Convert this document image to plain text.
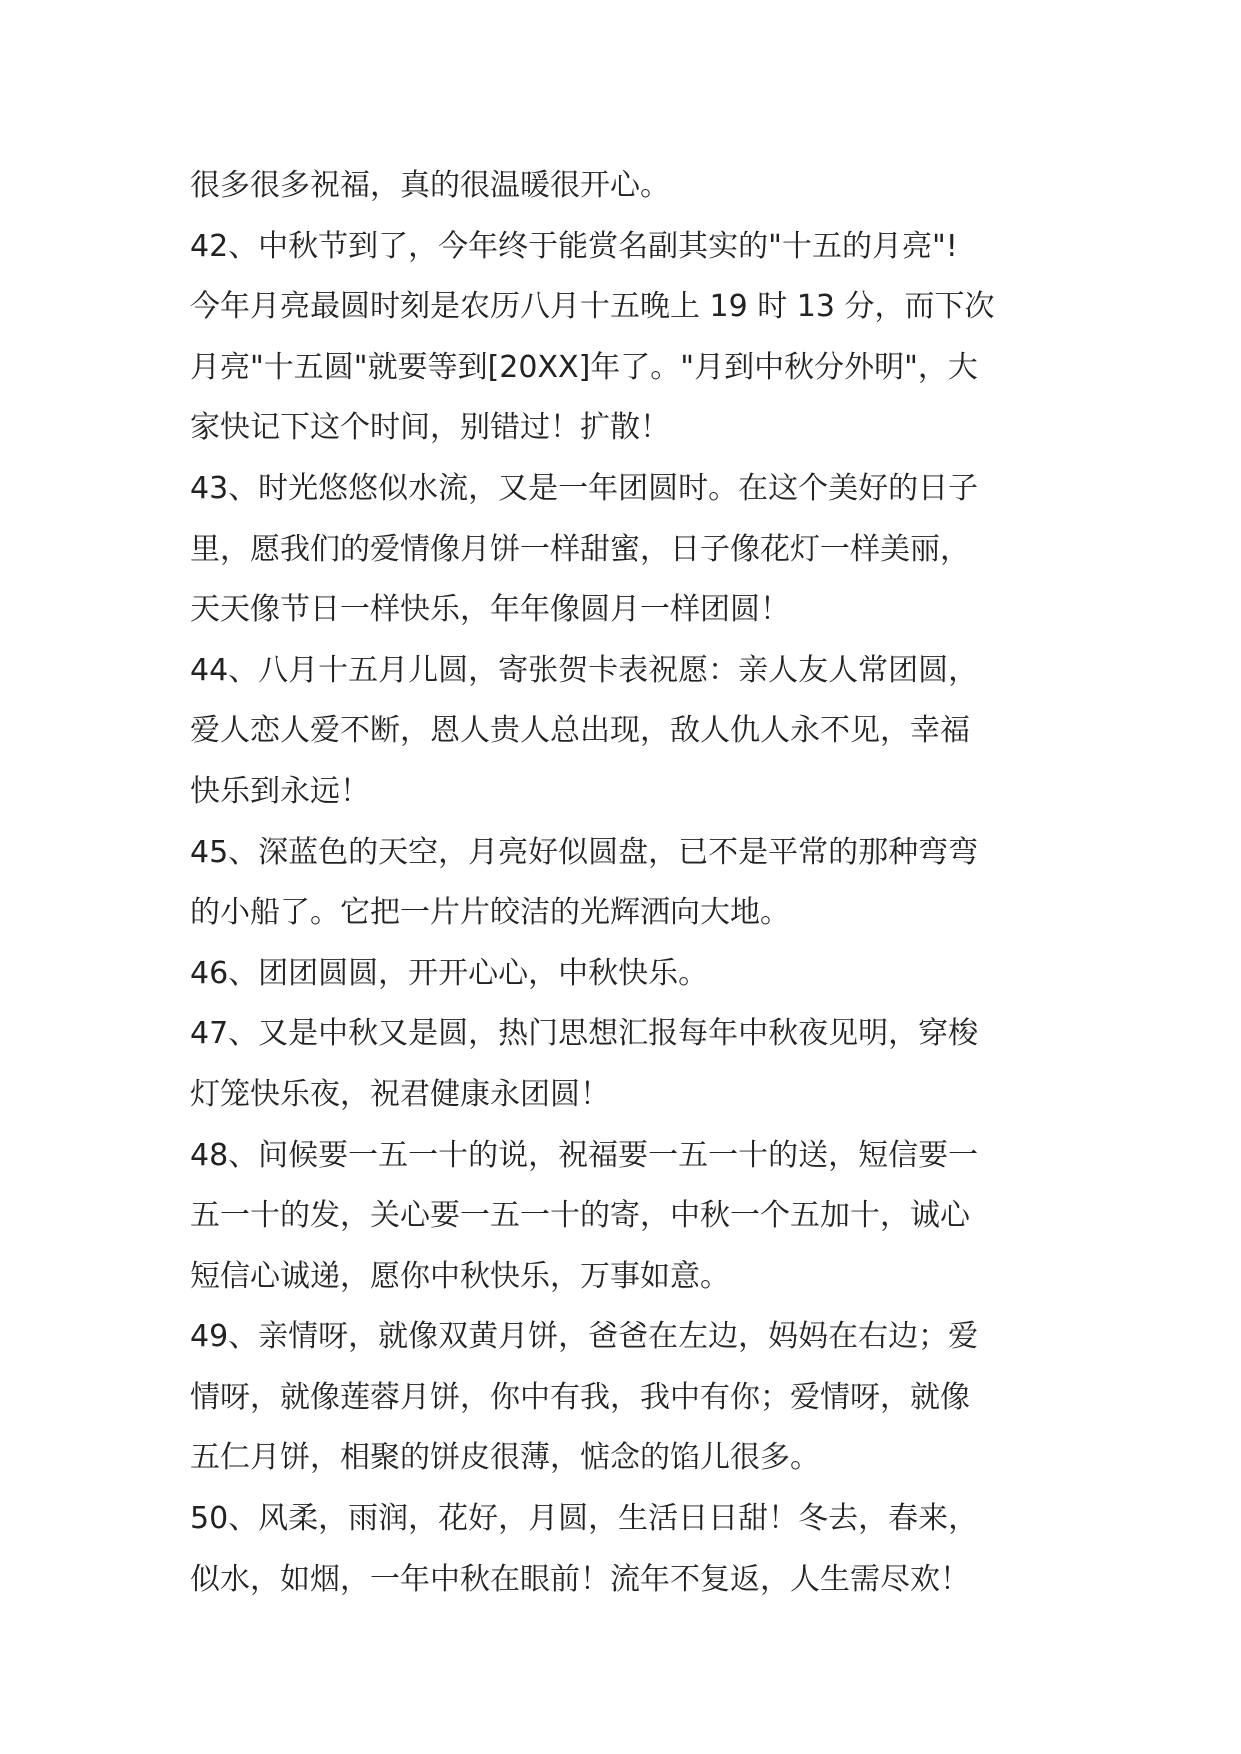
很多很多祝福，真的很温暖很开心。
42、中秋节到了，今年终于能赏名副其实的"十五的月亮"!
今年月亮最圆时刻是农历八月十五晚上 19 时 13 分，而下次
月亮"十五圆"就要等到[20XX]年了。"月到中秋分外明"，大
家快记下这个时间，别错过！扩散！
43、时光悠悠似水流，又是一年团圆时。在这个美好的日子
里，愿我们的爱情像月饼一样甜蜜，日子像花灯一样美丽，
天天像节日一样快乐，年年像圆月一样团圆！
44、八月十五月儿圆，寄张贺卡表祝愿：亲人友人常团圆，
爱人恋人爱不断，恩人贵人总出现，敌人仇人永不见，幸福
快乐到永远！
45、深蓝色的天空，月亮好似圆盘，已不是平常的那种弯弯
的小船了。它把一片片皎洁的光辉洒向大地。
46、团团圆圆，开开心心，中秋快乐。
47、又是中秋又是圆，热门思想汇报每年中秋夜见明，穿梭
灯笼快乐夜，祝君健康永团圆！
48、问候要一五一十的说，祝福要一五一十的送，短信要一
五一十的发，关心要一五一十的寄，中秋一个五加十，诚心
短信心诚递，愿你中秋快乐，万事如意。
49、亲情呀，就像双黄月饼，爸爸在左边，妈妈在右边；爱
情呀，就像莲蓉月饼，你中有我，我中有你；爱情呀，就像
五仁月饼，相聚的饼皮很薄，惦念的馅儿很多。
50、风柔，雨润，花好，月圆，生活日日甜！冬去，春来，
似水，如烟，一年中秋在眼前！流年不复返，人生需尽欢！
